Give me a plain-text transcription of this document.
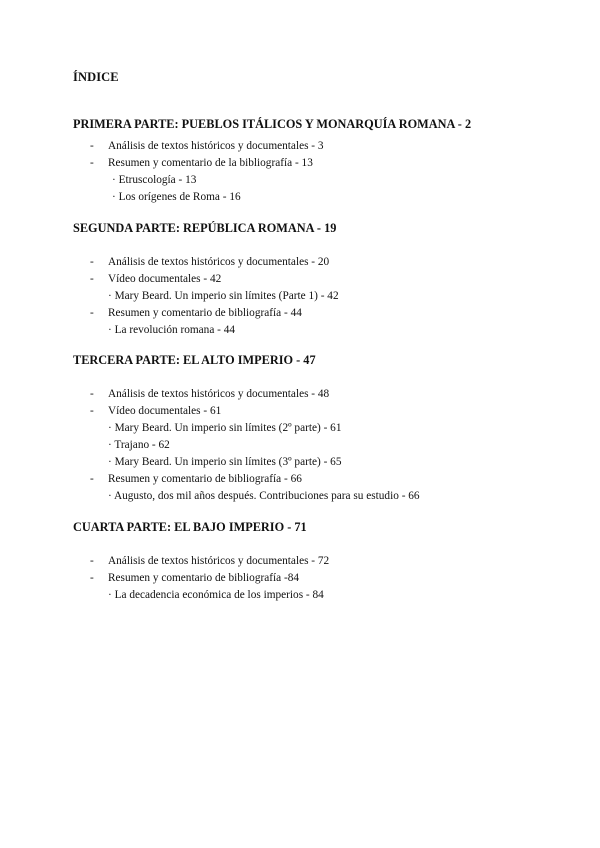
ÍNDICE

PRIMERA PARTE: PUEBLOS ITÁLICOS Y MONARQUÍA ROMANA - 2

- Análisis de textos históricos y documentales - 3
- Resumen y comentario de la bibliografía - 13
· Etruscología - 13
· Los orígenes de Roma - 16

SEGUNDA PARTE: REPÚBLICA ROMANA - 19

- Análisis de textos históricos y documentales - 20
- Vídeo documentales - 42
· Mary Beard. Un imperio sin límites (Parte 1) - 42
- Resumen y comentario de bibliografía - 44
· La revolución romana - 44

TERCERA PARTE: EL ALTO IMPERIO - 47

- Análisis de textos históricos y documentales - 48
- Vídeo documentales - 61
· Mary Beard. Un imperio sin límites (2º parte) - 61
· Trajano - 62
· Mary Beard. Un imperio sin límites (3º parte) - 65
- Resumen y comentario de bibliografía - 66
· Augusto, dos mil años después. Contribuciones para su estudio - 66

CUARTA PARTE: EL BAJO IMPERIO - 71

- Análisis de textos históricos y documentales - 72
- Resumen y comentario de bibliografía -84
· La decadencia económica de los imperios - 84
